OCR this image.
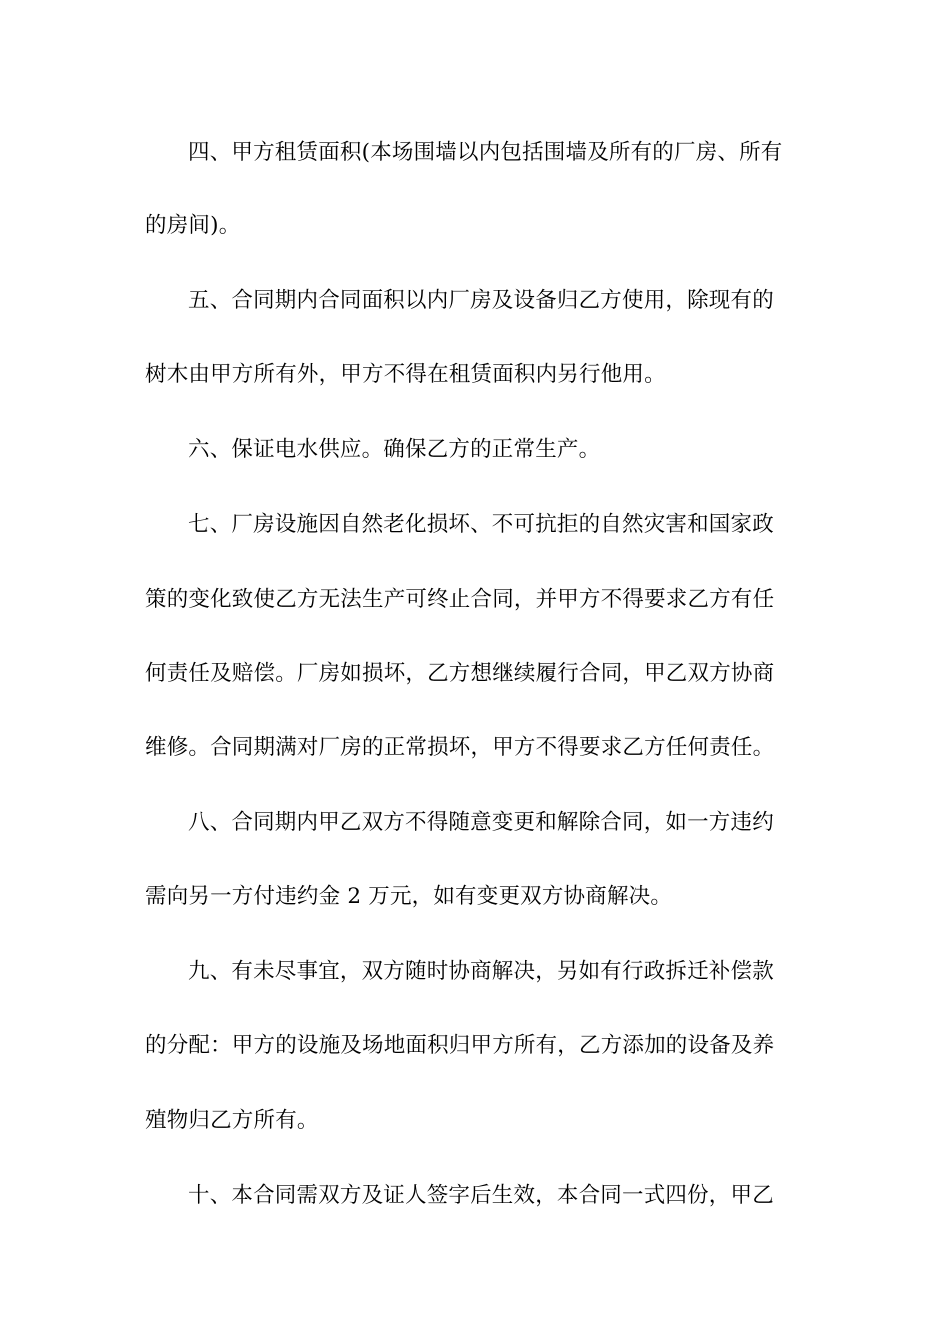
四、甲方租赁面积(本场围墙以内包括围墙及所有的厂房、所有
的房间)。
五、合同期内合同面积以内厂房及设备归乙方使用，除现有的
树木由甲方所有外，甲方不得在租赁面积内另行他用。
六、保证电水供应。确保乙方的正常生产。
七、厂房设施因自然老化损坏、不可抗拒的自然灾害和国家政
策的变化致使乙方无法生产可终止合同，并甲方不得要求乙方有任
何责任及赔偿。厂房如损坏，乙方想继续履行合同，甲乙双方协商
维修。合同期满对厂房的正常损坏，甲方不得要求乙方任何责任。
八、合同期内甲乙双方不得随意变更和解除合同，如一方违约
需向另一方付违约金 2 万元，如有变更双方协商解决。
九、有未尽事宜，双方随时协商解决，另如有行政拆迁补偿款
的分配：甲方的设施及场地面积归甲方所有，乙方添加的设备及养
殖物归乙方所有。
十、本合同需双方及证人签字后生效，本合同一式四份，甲乙
